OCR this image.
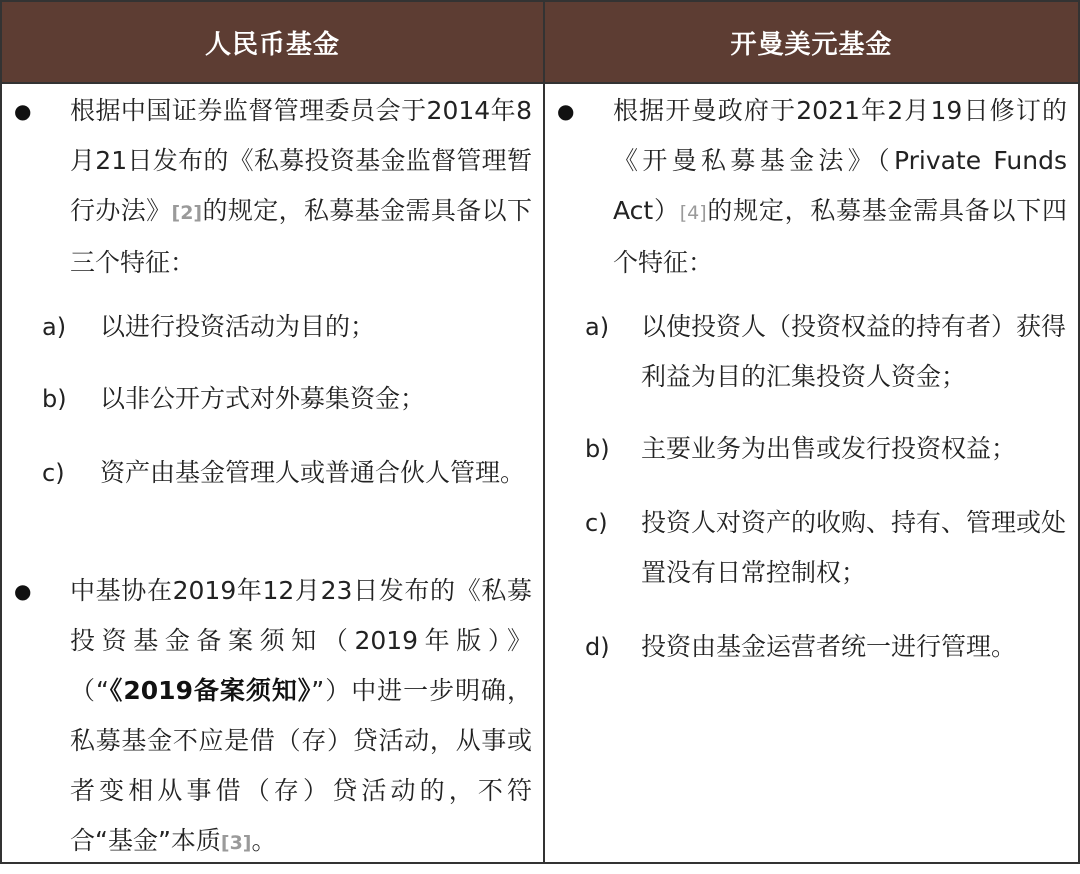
人民币基金	开曼美元基金
● 根据中国证券监督管理委员会于2014年8月21日发布的《私募投资基金监督管理暂行办法》[2]的规定，私募基金需具备以下三个特征：
a) 以进行投资活动为目的；
b) 以非公开方式对外募集资金；
c) 资产由基金管理人或普通合伙人管理。
● 中基协在2019年12月23日发布的《私募投资基金备案须知（2019年版）》（“《2019备案须知》”）中进一步明确，私募基金不应是借（存）贷活动，从事或者变相从事借（存）贷活动的，不符合“基金”本质[3]。
● 根据开曼政府于2021年2月19日修订的《开曼私募基金法》（Private Funds Act）[4]的规定，私募基金需具备以下四个特征：
a) 以使投资人（投资权益的持有者）获得利益为目的汇集投资人资金；
b) 主要业务为出售或发行投资权益；
c) 投资人对资产的收购、持有、管理或处置没有日常控制权；
d) 投资由基金运营者统一进行管理。
